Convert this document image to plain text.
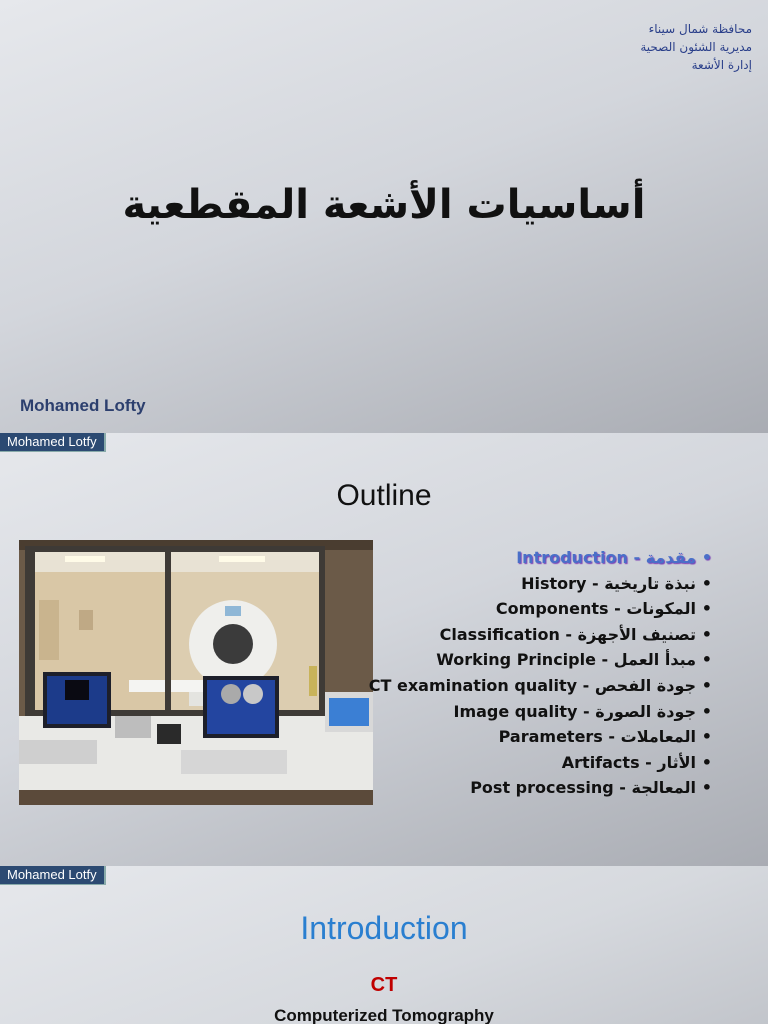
محافظة شمال سيناء
مديرية الشئون الصحية
إدارة الأشعة
أساسيات الأشعة المقطعية
Mohamed Lofty
Mohamed Lotfy
Outline
Introduction - مقدمة •
History - نبذة تاريخية •
Components - المكونات •
Classification - تصنيف الأجهزة •
Working Principle - مبدأ العمل •
CT examination quality - جودة الفحص •
Image quality - جودة الصورة •
Parameters - المعاملات •
Artifacts - الأثار •
Post processing - المعالجة •
Mohamed Lotfy
Introduction
CT
Computerized Tomography
